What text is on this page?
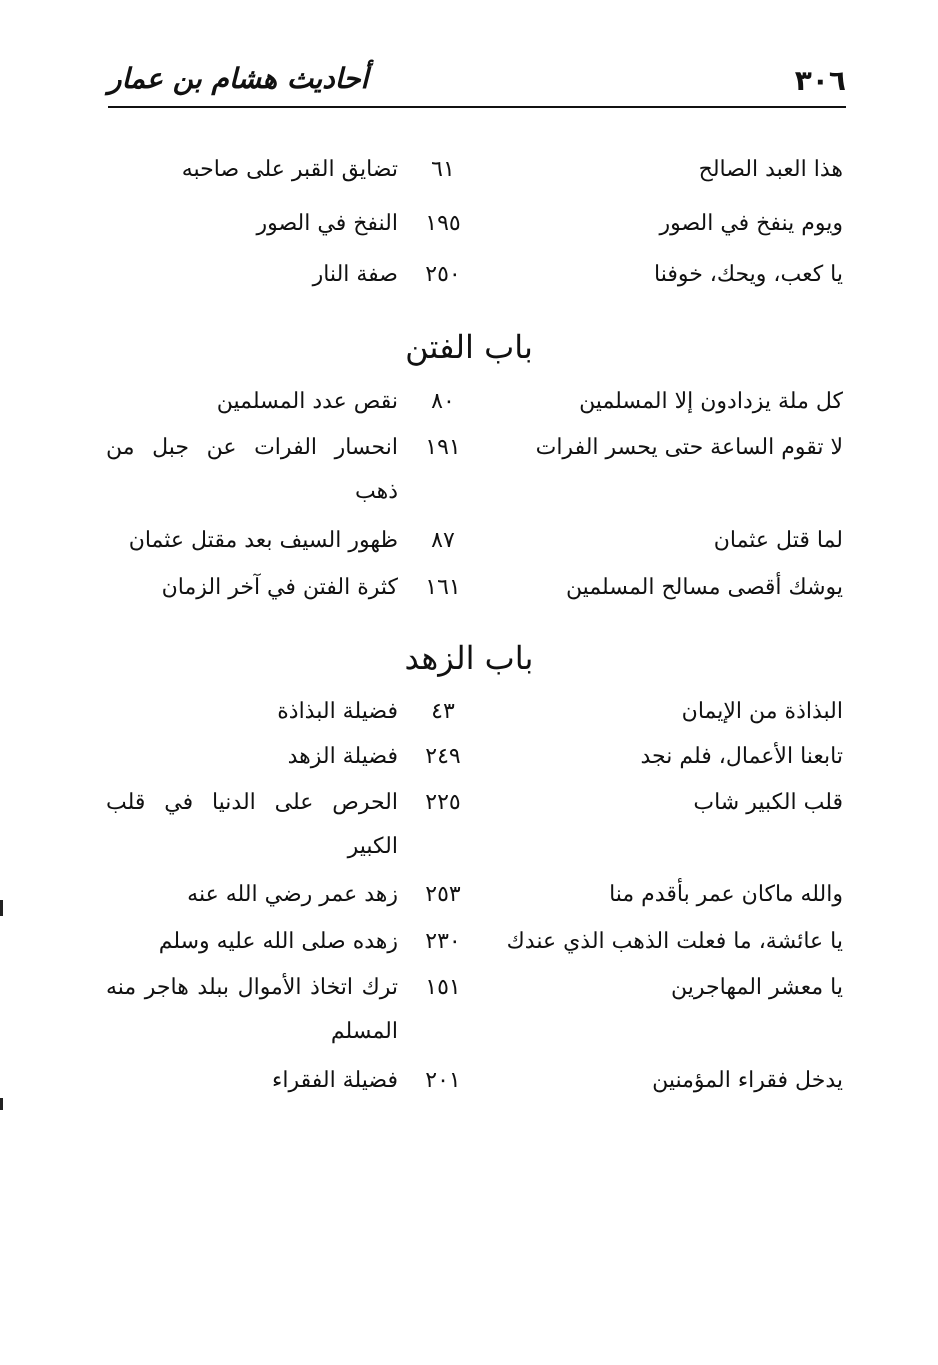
٣٠٦
أحاديث هشام بن عمار
هذا العبد الصالح
٦١
تضايق القبر على صاحبه
ويوم ينفخ في الصور
١٩٥
النفخ في الصور
يا كعب، ويحك، خوفنا
٢٥٠
صفة النار
باب الفتن
كل ملة يزدادون إلا المسلمين
٨٠
نقص عدد المسلمين
لا تقوم الساعة حتى يحسر الفرات
١٩١
انحسار الفرات عن جبل من ذهب
لما قتل عثمان
٨٧
ظهور السيف بعد مقتل عثمان
يوشك أقصى مسالح المسلمين
١٦١
كثرة الفتن في آخر الزمان
باب الزهد
البذاذة من الإيمان
٤٣
فضيلة البذاذة
تابعنا الأعمال، فلم نجد
٢٤٩
فضيلة الزهد
قلب الكبير شاب
٢٢٥
الحرص على الدنيا في قلب الكبير
والله ماكان عمر بأقدم منا
٢٥٣
زهد عمر رضي الله عنه
يا عائشة، ما فعلت الذهب الذي عندك
٢٣٠
زهده صلى الله عليه وسلم
يا معشر المهاجرين
١٥١
ترك اتخاذ الأموال ببلد هاجر منه المسلم
يدخل فقراء المؤمنين
٢٠١
فضيلة الفقراء
